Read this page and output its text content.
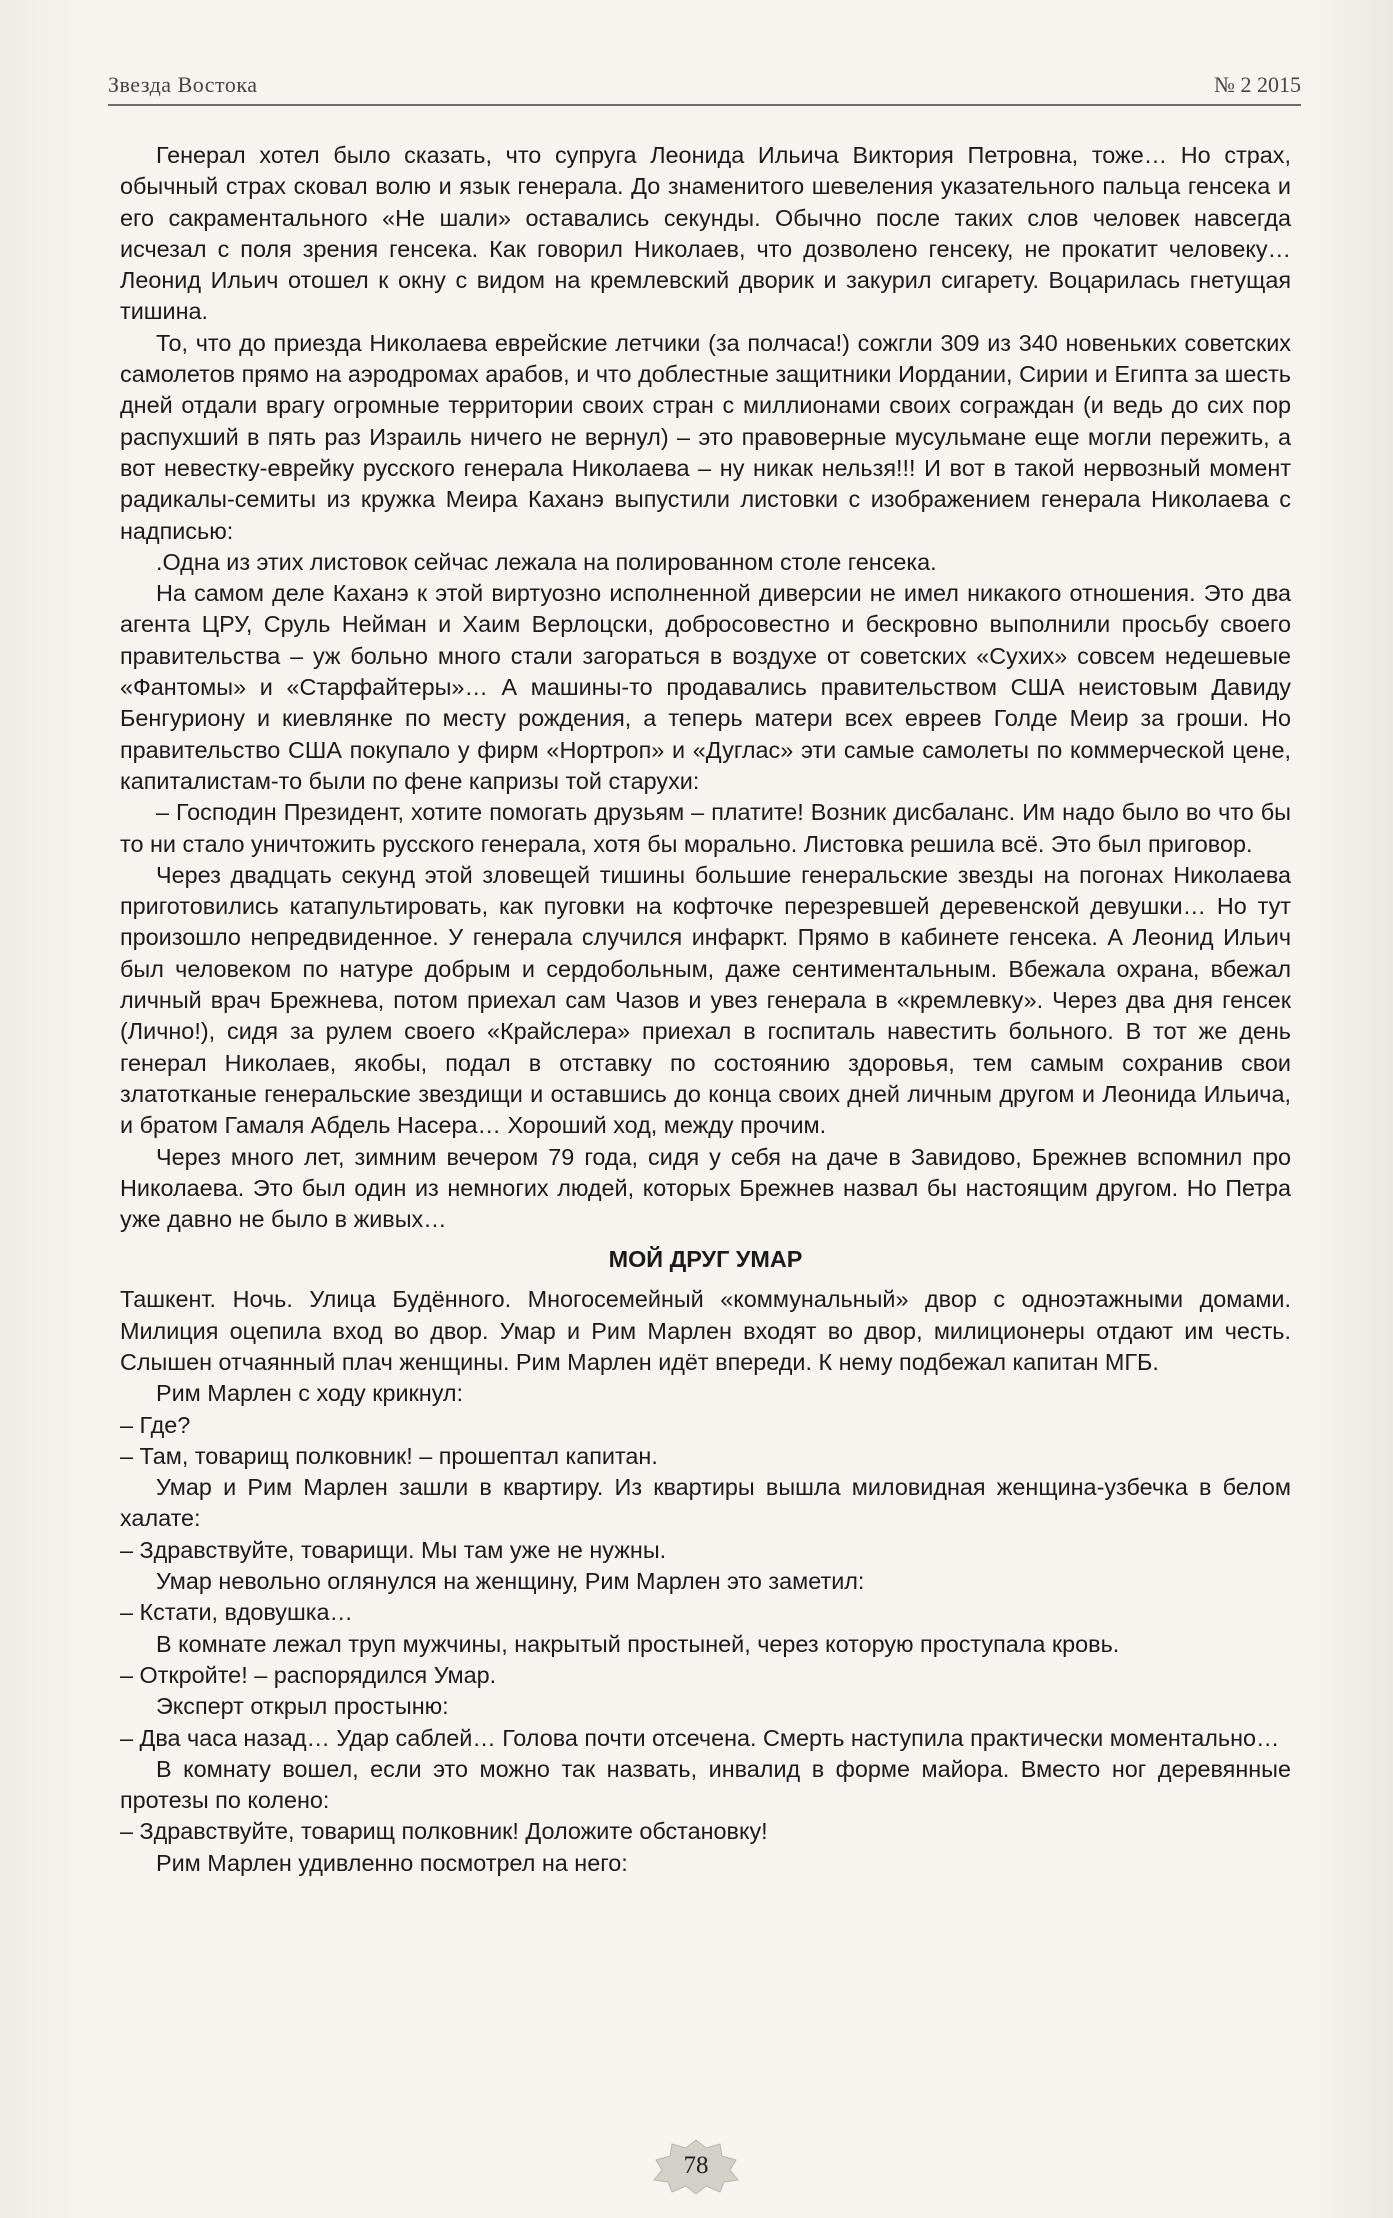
Звезда Востока	№ 2 2015

Генерал хотел было сказать, что супруга Леонида Ильича Виктория Петровна, тоже… Но страх, обычный страх сковал волю и язык генерала. До знаменитого шевеления указательного пальца генсека и его сакраментального «Не шали» оставались секунды. Обычно после таких слов человек навсегда исчезал с поля зрения генсека. Как говорил Николаев, что дозволено генсеку, не прокатит человеку… Леонид Ильич отошел к окну с видом на кремлевский дворик и закурил сигарету. Воцарилась гнетущая тишина.

То, что до приезда Николаева еврейские летчики (за полчаса!) сожгли 309 из 340 новеньких советских самолетов прямо на аэродромах арабов, и что доблестные защитники Иордании, Сирии и Египта за шесть дней отдали врагу огромные территории своих стран с миллионами своих сограждан (и ведь до сих пор распухший в пять раз Израиль ничего не вернул) – это правоверные мусульмане еще могли пережить, а вот невестку-еврейку русского генерала Николаева – ну никак нельзя!!! И вот в такой нервозный момент радикалы-семиты из кружка Меира Каханэ выпустили листовки с изображением генерала Николаева с надписью:

.Одна из этих листовок сейчас лежала на полированном столе генсека.

На самом деле Каханэ к этой виртуозно исполненной диверсии не имел никакого отношения. Это два агента ЦРУ, Сруль Нейман и Хаим Верлоцски, добросовестно и бескровно выполнили просьбу своего правительства – уж больно много стали загораться в воздухе от советских «Сухих» совсем недешевые «Фантомы» и «Старфайтеры»… А машины-то продавались правительством США неистовым Давиду Бенгуриону и киевлянке по месту рождения, а теперь матери всех евреев Голде Меир за гроши. Но правительство США покупало у фирм «Нортроп» и «Дуглас» эти самые самолеты по коммерческой цене, капиталистам-то были по фене капризы той старухи:

– Господин Президент, хотите помогать друзьям – платите! Возник дисбаланс. Им надо было во что бы то ни стало уничтожить русского генерала, хотя бы морально. Листовка решила всё. Это был приговор.

Через двадцать секунд этой зловещей тишины большие генеральские звезды на погонах Николаева приготовились катапультировать, как пуговки на кофточке перезревшей деревенской девушки… Но тут произошло непредвиденное. У генерала случился инфаркт. Прямо в кабинете генсека. А Леонид Ильич был человеком по натуре добрым и сердобольным, даже сентиментальным. Вбежала охрана, вбежал личный врач Брежнева, потом приехал сам Чазов и увез генерала в «кремлевку». Через два дня генсек (Лично!), сидя за рулем своего «Крайслера» приехал в госпиталь навестить больного. В тот же день генерал Николаев, якобы, подал в отставку по состоянию здоровья, тем самым сохранив свои златотканые генеральские звездищи и оставшись до конца своих дней личным другом и Леонида Ильича, и братом Гамаля Абдель Насера… Хороший ход, между прочим.

Через много лет, зимним вечером 79 года, сидя у себя на даче в Завидово, Брежнев вспомнил про Николаева. Это был один из немногих людей, которых Брежнев назвал бы настоящим другом. Но Петра уже давно не было в живых…

МОЙ ДРУГ УМАР

Ташкент. Ночь. Улица Будённого. Многосемейный «коммунальный» двор с одноэтажными домами. Милиция оцепила вход во двор. Умар и Рим Марлен входят во двор, милиционеры отдают им честь. Слышен отчаянный плач женщины. Рим Марлен идёт впереди. К нему подбежал капитан МГБ.

Рим Марлен с ходу крикнул:

– Где?

– Там, товарищ полковник! – прошептал капитан.

Умар и Рим Марлен зашли в квартиру. Из квартиры вышла миловидная женщина-узбечка в белом халате:

– Здравствуйте, товарищи. Мы там уже не нужны.

Умар невольно оглянулся на женщину, Рим Марлен это заметил:

– Кстати, вдовушка…

В комнате лежал труп мужчины, накрытый простыней, через которую проступала кровь.

– Откройте! – распорядился Умар.

Эксперт открыл простыню:

– Два часа назад… Удар саблей… Голова почти отсечена. Смерть наступила практически моментально…

В комнату вошел, если это можно так назвать, инвалид в форме майора. Вместо ног деревянные протезы по колено:

– Здравствуйте, товарищ полковник! Доложите обстановку!

Рим Марлен удивленно посмотрел на него:

78
